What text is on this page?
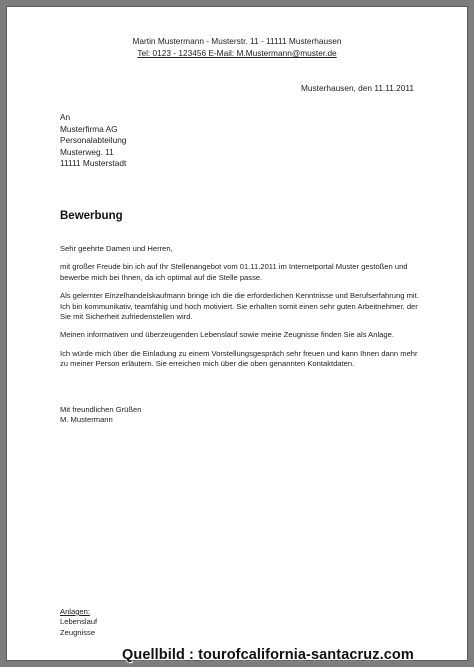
Martin Mustermann - Musterstr. 11 - 11111 Musterhausen
Tel: 0123 - 123456 E-Mail: M.Mustermann@muster.de
Musterhausen, den 11.11.2011
An
Musterfirma AG
Personalabteilung
Musterweg. 11
11111 Musterstadt
Bewerbung

Sehr geehrte Damen und Herren,

mit großer Freude bin ich auf Ihr Stellenangebot vom 01.11.2011 im Internetportal Muster gestoßen und bewerbe mich bei Ihnen, da ich optimal auf die Stelle passe.

Als gelernter Einzelhandelskaufmann bringe ich die die erforderlichen Kenntnisse und Berufserfahrung mit. Ich bin kommunikativ, teamfähig und hoch motiviert. Sie erhalten somit einen sehr guten Arbeitnehmer, der Sie mit Sicherheit zufriedenstellen wird.

Meinen informativen und überzeugenden Lebenslauf sowie meine Zeugnisse finden Sie als Anlage.

Ich würde mich über die Einladung zu einem Vorstellungsgespräch sehr freuen und kann Ihnen dann mehr zu meiner Person erläutern. Sie erreichen mich über die oben genannten Kontaktdaten.

Mit freundlichen Grüßen
M. Mustermann
Anlagen:
Lebenslauf
Zeugnisse
Quellbild : tourofcalifornia-santacruz.com
